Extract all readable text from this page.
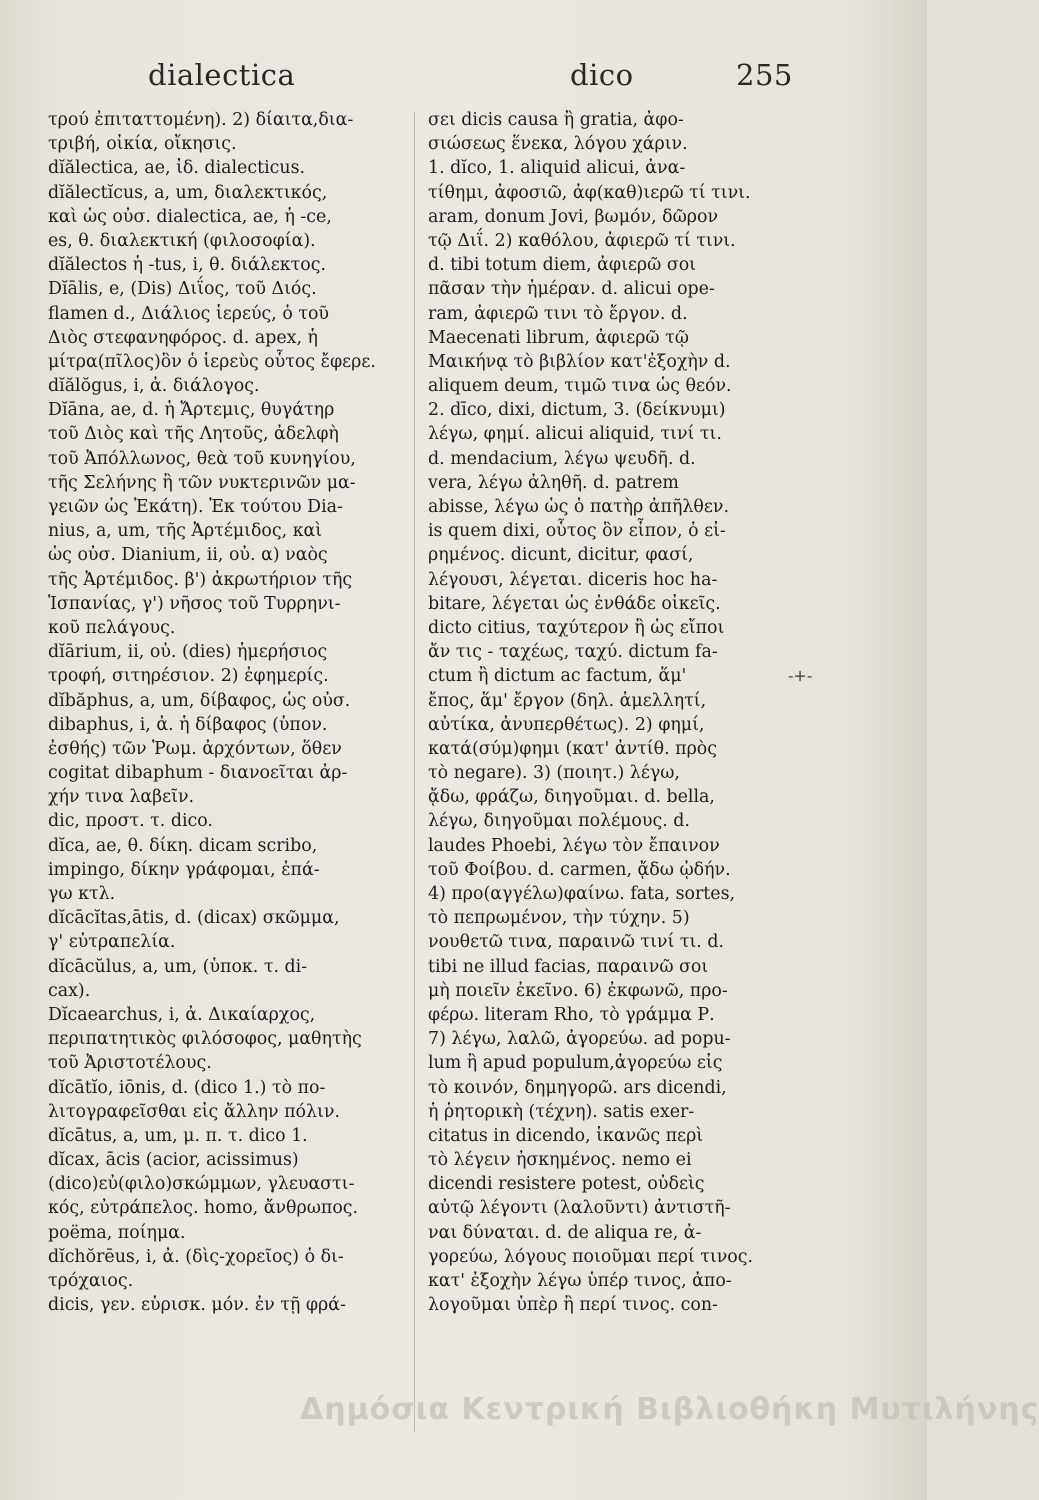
dialectica	dico	255
τρού ἐπιταττομένη). 2) δίαιτα,δια-
τριβή, οἰκία, οἴκησις.
dĭălectica, ae, ἰδ. dialecticus.
dĭălectĭcus, a, um, διαλεκτικός,
καὶ ὡς οὐσ. dialectica, ae, ἡ -ce,
es, θ. διαλεκτική (φιλοσοφία).
dĭălectos ἡ -tus, i, θ. διάλεκτος.
Dĭālis, e, (Dis) Διΐος, τοῦ Διός.
flamen d., Διάλιος ἱερεύς, ὁ τοῦ
Διὸς στεφανηφόρος. d. apex, ἡ
μίτρα(πῖλος)ὃν ὁ ἱερεὺς οὗτος ἔφερε.
dĭălŏgus, i, ἀ. διάλογος.
Dĭāna, ae, d. ἡ Ἄρτεμις, θυγάτηρ
τοῦ Διὸς καὶ τῆς Λητοῦς, ἀδελφὴ
τοῦ Ἀπόλλωνος, θεὰ τοῦ κυνηγίου,
τῆς Σελήνης ἢ τῶν νυκτερινῶν μα-
γειῶν ὡς Ἑκάτη). Ἐκ τούτου Dia-
nius, a, um, τῆς Ἀρτέμιδος, καὶ
ὡς οὐσ. Dianium, ii, οὐ. α) ναὸς
τῆς Ἀρτέμιδος. β') ἀκρωτήριον τῆς
Ἱσπανίας, γ') νῆσος τοῦ Τυρρηνι-
κοῦ πελάγους.
dĭārium, ii, οὐ. (dies) ἡμερήσιος
τροφή, σιτηρέσιον. 2) ἐφημερίς.
dĭbăphus, a, um, δίβαφος, ὡς οὐσ.
dibaphus, i, ἀ. ἡ δίβαφος (ὑπον.
ἐσθής) τῶν Ῥωμ. ἀρχόντων, ὅθεν
cogitat dibaphum - διανοεῖται ἀρ-
χήν τινα λαβεῖν.
dic, προστ. τ. dico.
dĭca, ae, θ. δίκη. dicam scribo,
impingo, δίκην γράφομαι, ἐπά-
γω κτλ.
dĭcācĭtas,ātis, d. (dicax) σκῶμμα,
γ' εὐτραπελία.
dĭcācŭlus, a, um, (ὑποκ. τ. di-
cax).
Dĭcaearchus, i, ἀ. Δικαίαρχος,
περιπατητικὸς φιλόσοφος, μαθητὴς
τοῦ Ἀριστοτέλους.
dĭcātĭo, iōnis, d. (dico 1.) τὸ πο-
λιτογραφεῖσθαι εἰς ἄλλην πόλιν.
dĭcātus, a, um, μ. π. τ. dico 1.
dĭcax, ācis (acior, acissimus)
(dico)εὐ(φιλο)σκώμμων, γλευαστι-
κός, εὐτράπελος. homo, ἄνθρωπος.
poëma, ποίημα.
dĭchŏrēus, i, ἀ. (δὶς-χορεῖος) ὁ δι-
τρόχαιος.
dicis, γεν. εὑρισκ. μόν. ἐν τῇ φρά-
σει dicis causa ἢ gratia, ἀφο-
σιώσεως ἕνεκα, λόγου χάριν.
1. dĭco, 1. aliquid alicui, ἀνα-
τίθημι, ἀφοσιῶ, ἀφ(καθ)ιερῶ τί τινι.
aram, donum Jovi, βωμόν, δῶρον
τῷ Διΐ. 2) καθόλου, ἀφιερῶ τί τινι.
d. tibi totum diem, ἀφιερῶ σοι
πᾶσαν τὴν ἡμέραν. d. alicui ope-
ram, ἀφιερῶ τινι τὸ ἔργον. d.
Maecenati librum, ἀφιερῶ τῷ
Μαικήνᾳ τὸ βιβλίον κατ'ἐξοχὴν d.
aliquem deum, τιμῶ τινα ὡς θεόν.
2. dīco, dixi, dictum, 3. (δείκνυμι)
λέγω, φημί. alicui aliquid, τινί τι.
d. mendacium, λέγω ψευδῆ. d.
vera, λέγω ἀληθῆ. d. patrem
abisse, λέγω ὡς ὁ πατὴρ ἀπῆλθεν.
is quem dixi, οὗτος ὃν εἶπον, ὁ εἰ-
ρημένος. dicunt, dicitur, φασί,
λέγουσι, λέγεται. diceris hoc ha-
bitare, λέγεται ὡς ἐνθάδε οἰκεῖς.
dicto citius, ταχύτερον ἢ ὡς εἴποι
ἄν τις - ταχέως, ταχύ. dictum fa-
ctum ἢ dictum ac factum, ἅμ'
ἔπος, ἅμ' ἔργον (δηλ. ἀμελλητί,
αὐτίκα, ἀνυπερθέτως). 2) φημί,
κατά(σύμ)φημι (κατ' ἀντίθ. πρὸς
τὸ negare). 3) (ποιητ.) λέγω,
ᾄδω, φράζω, διηγοῦμαι. d. bella,
λέγω, διηγοῦμαι πολέμους. d.
laudes Phoebi, λέγω τὸν ἔπαινον
τοῦ Φοίβου. d. carmen, ᾄδω ᾠδήν.
4) προ(αγγέλω)φαίνω. fata, sortes,
τὸ πεπρωμένον, τὴν τύχην. 5)
νουθετῶ τινα, παραινῶ τινί τι. d.
tibi ne illud facias, παραινῶ σοι
μὴ ποιεῖν ἐκεῖνο. 6) ἐκφωνῶ, προ-
φέρω. literam Rho, τὸ γράμμα Ρ.
7) λέγω, λαλῶ, ἀγορεύω. ad popu-
lum ἢ apud populum,ἀγορεύω εἰς
τὸ κοινόν, δημηγορῶ. ars dicendi,
ἡ ῥητορικὴ (τέχνη). satis exer-
citatus in dicendo, ἱκανῶς περὶ
τὸ λέγειν ἠσκημένος. nemo ei
dicendi resistere potest, οὐδεὶς
αὐτῷ λέγοντι (λαλοῦντι) ἀντιστῆ-
ναι δύναται. d. de aliqua re, ἀ-
γορεύω, λόγους ποιοῦμαι περί τινος.
κατ' ἐξοχὴν λέγω ὑπέρ τινος, ἀπο-
λογοῦμαι ὑπὲρ ἢ περί τινος. con-
-+-
Δημόσια Κεντρική Βιβλιοθήκη Μυτιλήνης
